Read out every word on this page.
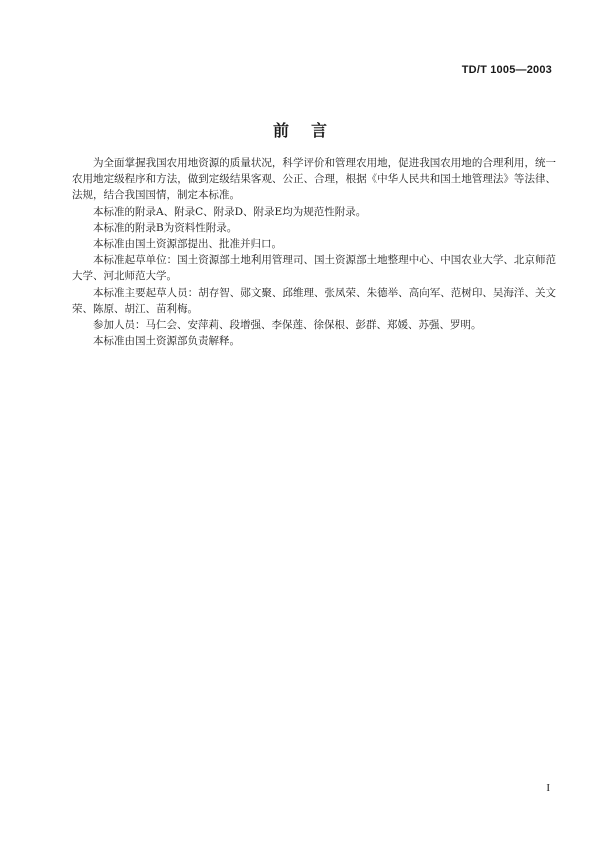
TD/T 1005—2003
前言

为全面掌握我国农用地资源的质量状况，科学评价和管理农用地，促进我国农用地的合理利用，统一农用地定级程序和方法，做到定级结果客观、公正、合理，根据《中华人民共和国土地管理法》等法律、法规，结合我国国情，制定本标准。

本标准的附录A、附录C、附录D、附录E均为规范性附录。

本标准的附录B为资料性附录。

本标准由国土资源部提出、批准并归口。

本标准起草单位：国土资源部土地利用管理司、国土资源部土地整理中心、中国农业大学、北京师范大学、河北师范大学。

本标准主要起草人员：胡存智、郧文聚、邱维理、张凤荣、朱德举、高向军、范树印、吴海洋、关文荣、陈原、胡江、苗利梅。

参加人员：马仁会、安萍莉、段增强、李保莲、徐保根、彭群、郑媛、苏强、罗明。

本标准由国土资源部负责解释。

I
